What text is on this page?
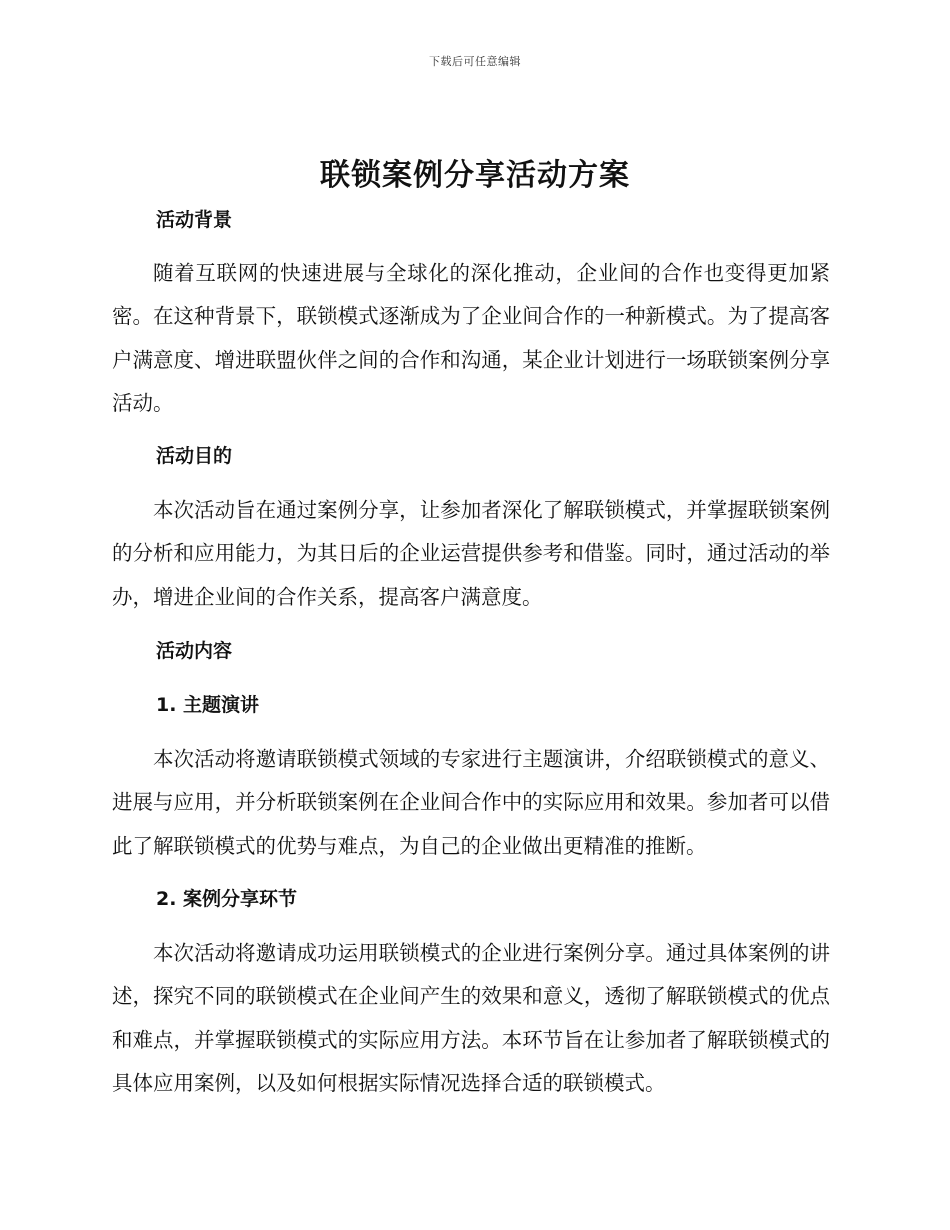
下载后可任意编辑
联锁案例分享活动方案
活动背景

随着互联网的快速进展与全球化的深化推动，企业间的合作也变得更加紧密。在这种背景下，联锁模式逐渐成为了企业间合作的一种新模式。为了提高客户满意度、增进联盟伙伴之间的合作和沟通，某企业计划进行一场联锁案例分享活动。

活动目的

本次活动旨在通过案例分享，让参加者深化了解联锁模式，并掌握联锁案例的分析和应用能力，为其日后的企业运营提供参考和借鉴。同时，通过活动的举办，增进企业间的合作关系，提高客户满意度。

活动内容
1. 主题演讲

本次活动将邀请联锁模式领域的专家进行主题演讲，介绍联锁模式的意义、进展与应用，并分析联锁案例在企业间合作中的实际应用和效果。参加者可以借此了解联锁模式的优势与难点，为自己的企业做出更精准的推断。

2. 案例分享环节

本次活动将邀请成功运用联锁模式的企业进行案例分享。通过具体案例的讲述，探究不同的联锁模式在企业间产生的效果和意义，透彻了解联锁模式的优点和难点，并掌握联锁模式的实际应用方法。本环节旨在让参加者了解联锁模式的具体应用案例，以及如何根据实际情况选择合适的联锁模式。
